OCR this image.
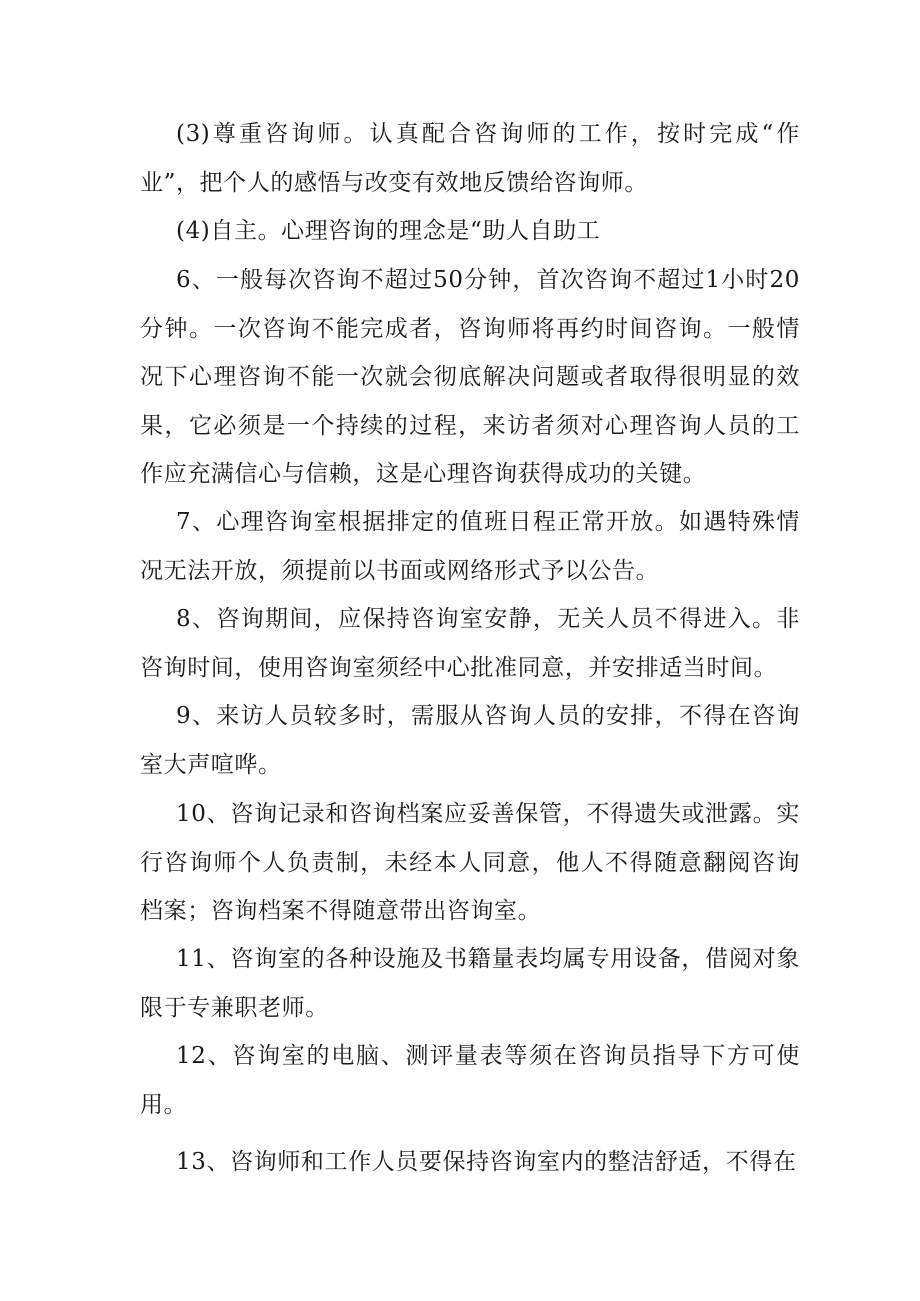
(3)尊重咨询师。认真配合咨询师的工作，按时完成“作业”，把个人的感悟与改变有效地反馈给咨询师。

(4)自主。心理咨询的理念是“助人自助工

6、一般每次咨询不超过50分钟，首次咨询不超过1小时20分钟。一次咨询不能完成者，咨询师将再约时间咨询。一般情况下心理咨询不能一次就会彻底解决问题或者取得很明显的效果，它必须是一个持续的过程，来访者须对心理咨询人员的工作应充满信心与信赖，这是心理咨询获得成功的关键。

7、心理咨询室根据排定的值班日程正常开放。如遇特殊情况无法开放，须提前以书面或网络形式予以公告。

8、咨询期间，应保持咨询室安静，无关人员不得进入。非咨询时间，使用咨询室须经中心批准同意，并安排适当时间。

9、来访人员较多时，需服从咨询人员的安排，不得在咨询室大声喧哗。

10、咨询记录和咨询档案应妥善保管，不得遗失或泄露。实行咨询师个人负责制，未经本人同意，他人不得随意翻阅咨询档案；咨询档案不得随意带出咨询室。

11、咨询室的各种设施及书籍量表均属专用设备，借阅对象限于专兼职老师。

12、咨询室的电脑、测评量表等须在咨询员指导下方可使用。

13、咨询师和工作人员要保持咨询室内的整洁舒适，不得在
